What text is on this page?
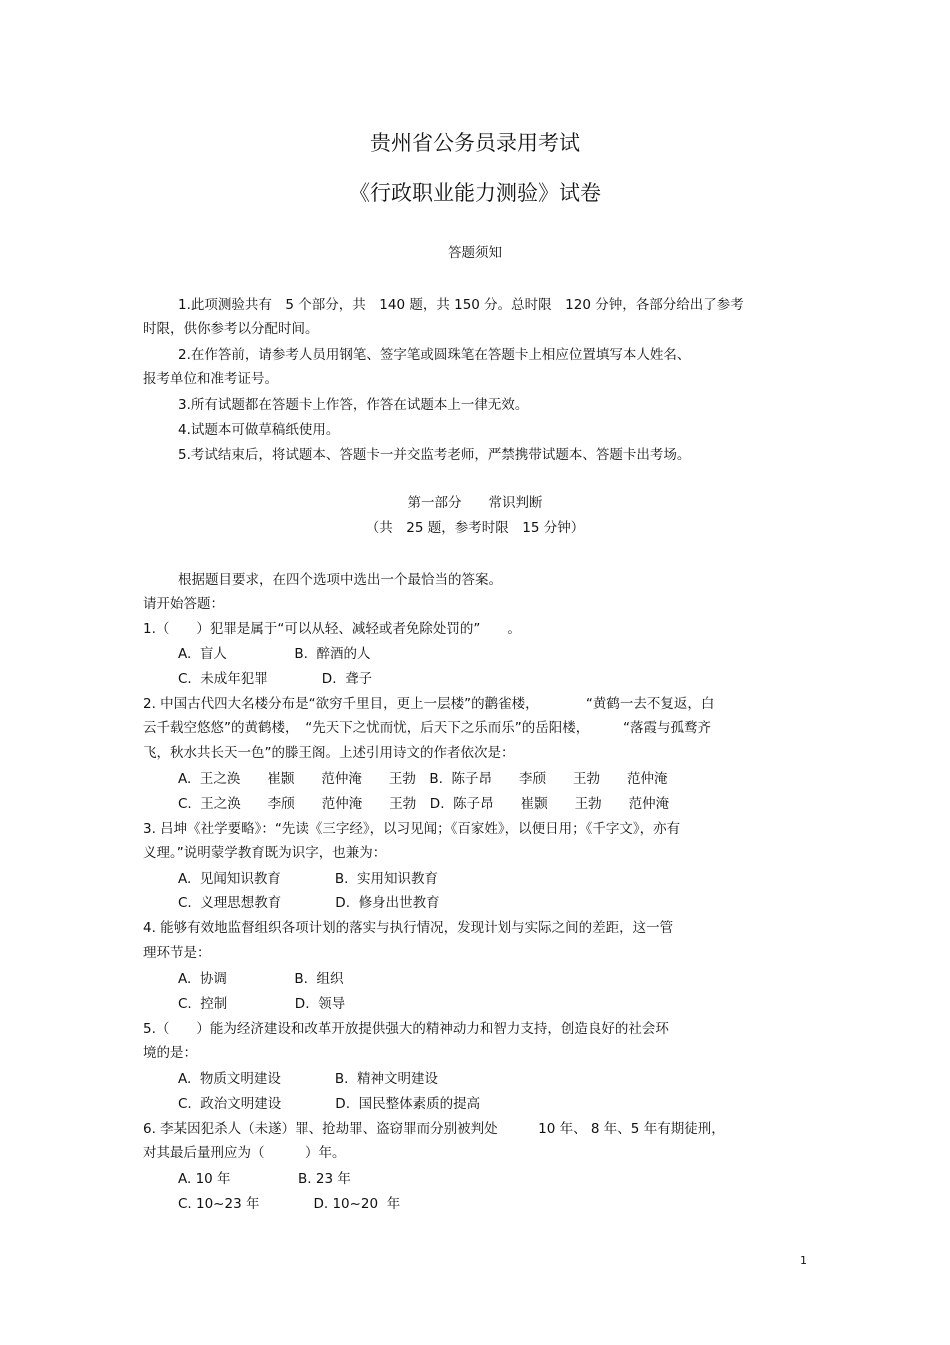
贵州省公务员录用考试
《行政职业能力测验》试卷
答题须知
1.此项测验共有　5 个部分，共　140 题，共 150 分。总时限　120 分钟，各部分给出了参考
时限，供你参考以分配时间。
2.在作答前，请参考人员用钢笔、签字笔或圆珠笔在答题卡上相应位置填写本人姓名、
报考单位和准考证号。
3.所有试题都在答题卡上作答，作答在试题本上一律无效。
4.试题本可做草稿纸使用。
5.考试结束后，将试题本、答题卡一并交监考老师，严禁携带试题本、答题卡出考场。
第一部分　　常识判断
（共　25 题，参考时限　15 分钟）
根据题目要求，在四个选项中选出一个最恰当的答案。
请开始答题：
1.（　　）犯罪是属于“可以从轻、减轻或者免除处罚的”　　。
A.  盲人　　　　　B.  醉酒的人
C.  未成年犯罪　　　　D.  聋子
2. 中国古代四大名楼分布是“欲穷千里目，更上一层楼”的鹳雀楼，　　　　“黄鹤一去不复返，白
云千载空悠悠”的黄鹤楼，　“先天下之忧而忧，后天下之乐而乐”的岳阳楼，　　　“落霞与孤鹜齐
飞，秋水共长天一色”的滕王阁。上述引用诗文的作者依次是：
A.  王之涣　　崔颢　　范仲淹　　王勃　B.  陈子昂　　李颀　　王勃　　范仲淹
C.  王之涣　　李颀　　范仲淹　　王勃　D.  陈子昂　　崔颢　　王勃　　范仲淹
3. 吕坤《社学要略》：“先读《三字经》，以习见闻；《百家姓》，以便日用；《千字文》，亦有
义理。”说明蒙学教育既为识字，也兼为：
A.  见闻知识教育　　　　B.  实用知识教育
C.  义理思想教育　　　　D.  修身出世教育
4. 能够有效地监督组织各项计划的落实与执行情况，发现计划与实际之间的差距，这一管
理环节是：
A.  协调　　　　　B.  组织
C.  控制　　　　　D.  领导
5.（　　）能为经济建设和改革开放提供强大的精神动力和智力支持，创造良好的社会环
境的是：
A.  物质文明建设　　　　B.  精神文明建设
C.  政治文明建设　　　　D.  国民整体素质的提高
6. 李某因犯杀人（未遂）罪、抢劫罪、盗窃罪而分别被判处　　　10 年、 8 年、5 年有期徒刑，
对其最后量刑应为（　　　）年。
A. 10 年　　　　　B. 23 年
C. 10~23 年　　　　D. 10~20  年
1
